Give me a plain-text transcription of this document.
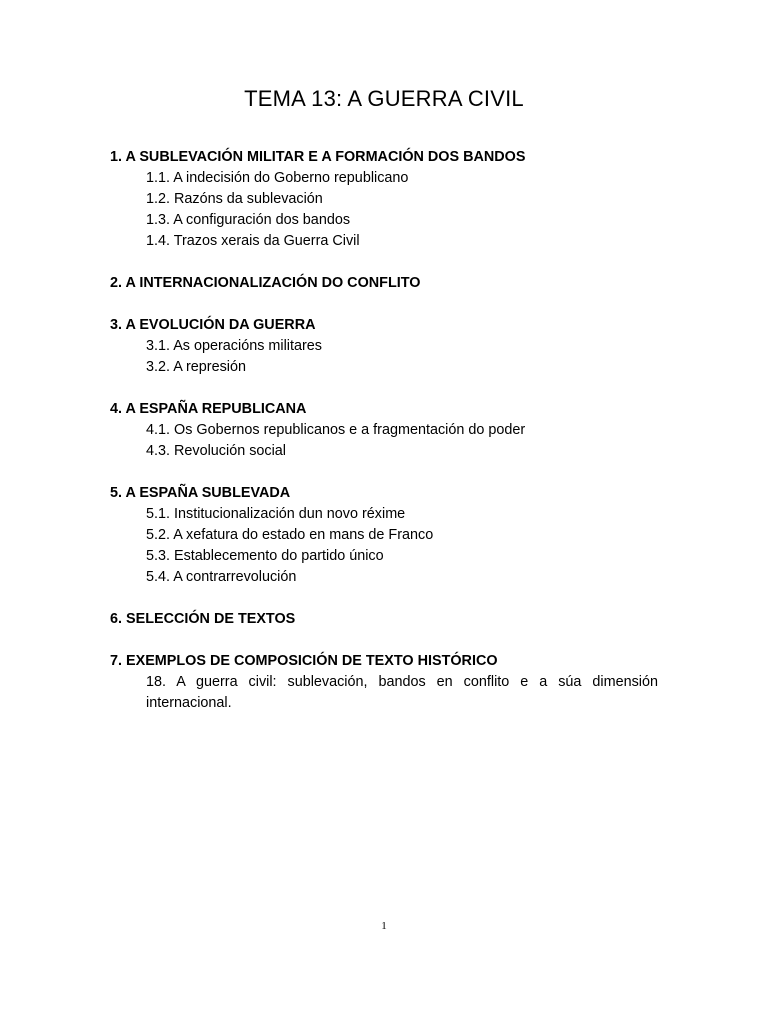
TEMA 13: A GUERRA CIVIL
1. A SUBLEVACIÓN MILITAR E A FORMACIÓN DOS BANDOS
1.1. A indecisión do Goberno republicano
1.2. Razóns da sublevación
1.3. A configuración dos bandos
1.4. Trazos xerais da Guerra Civil
2. A INTERNACIONALIZACIÓN DO CONFLITO
3. A EVOLUCIÓN DA GUERRA
3.1. As operacións militares
3.2. A represión
4. A ESPAÑA REPUBLICANA
4.1. Os Gobernos republicanos e a fragmentación do poder
4.3. Revolución social
5. A ESPAÑA SUBLEVADA
5.1. Institucionalización dun novo réxime
5.2. A xefatura do estado en mans de Franco
5.3. Establecemento do partido único
5.4. A contrarrevolución
6. SELECCIÓN DE TEXTOS
7. EXEMPLOS DE COMPOSICIÓN DE TEXTO HISTÓRICO
18. A guerra civil: sublevación, bandos en conflito e a súa dimensión internacional.
1
